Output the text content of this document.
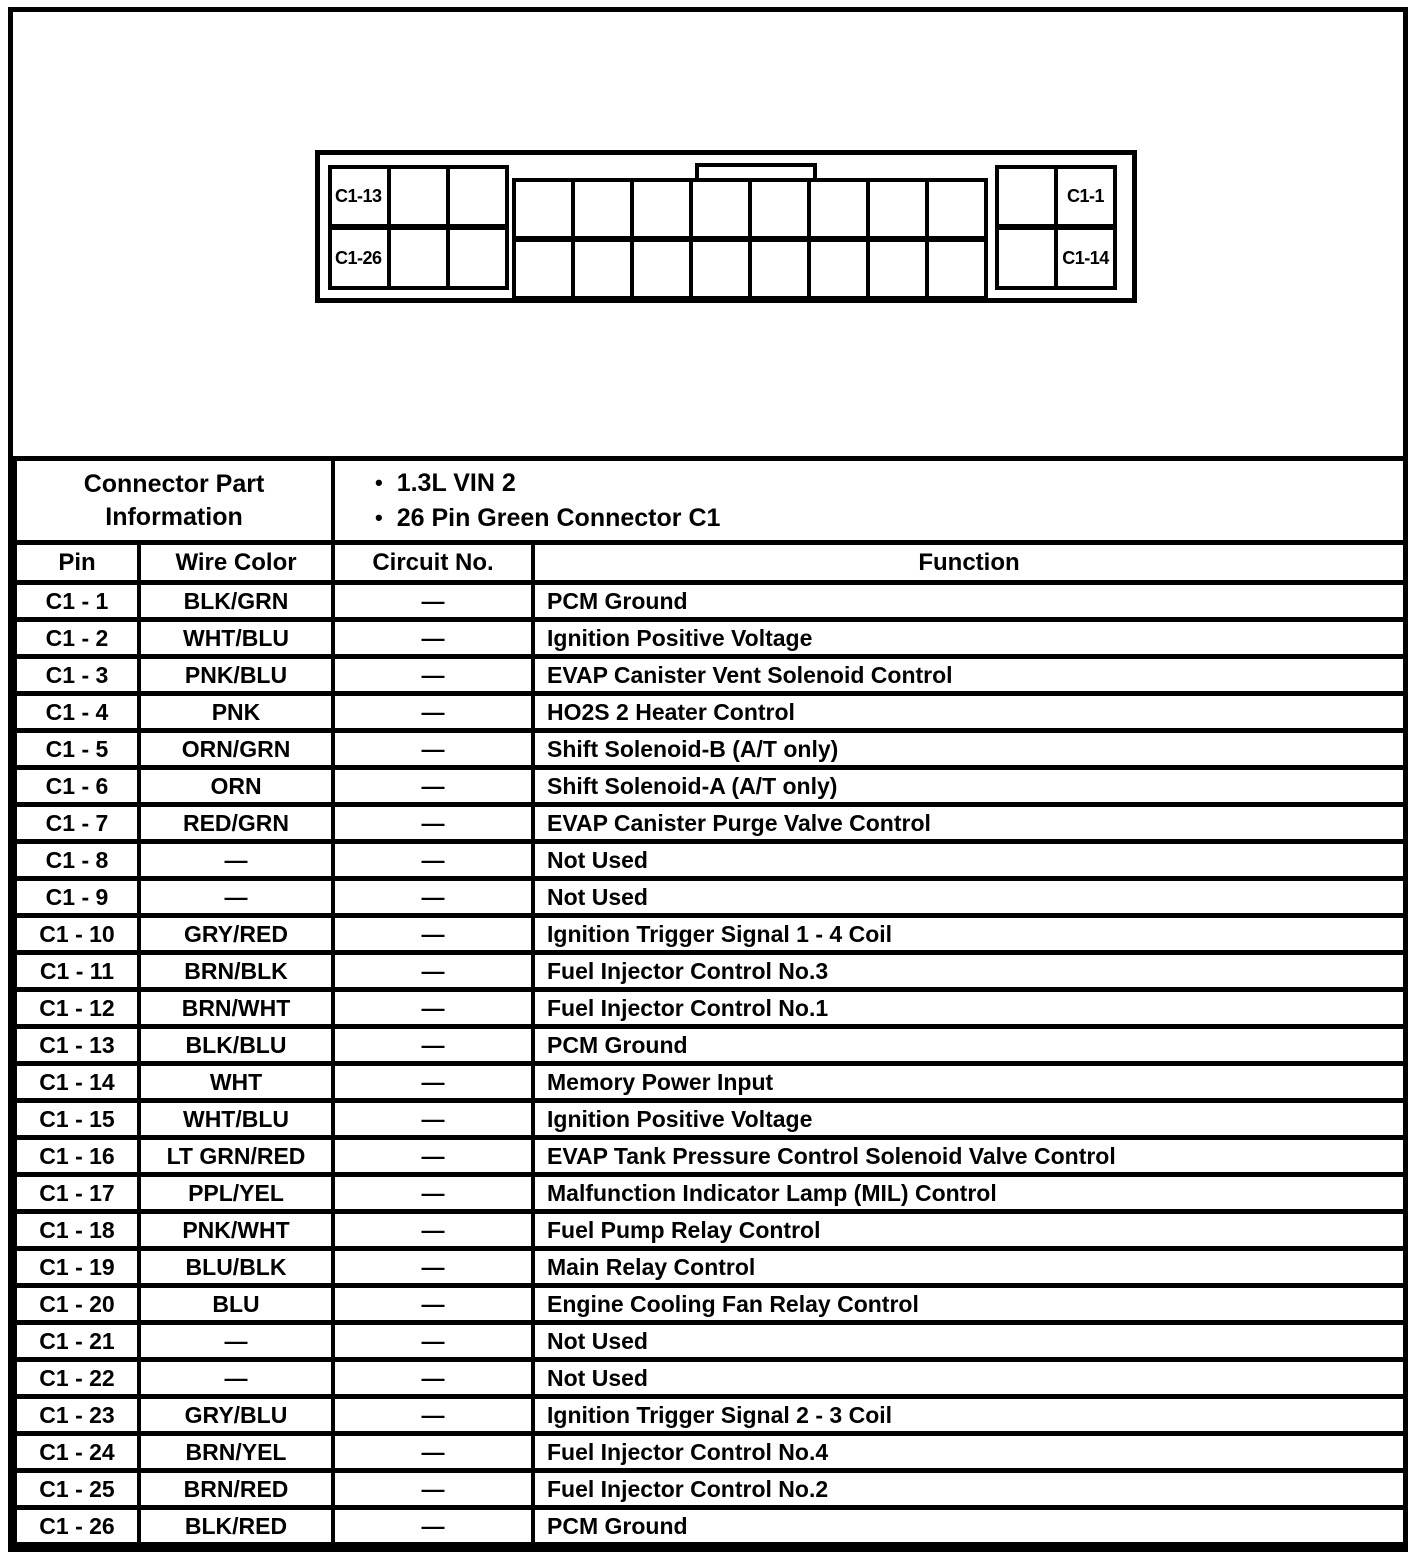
C1-13	C1-1
C1-26	C1-14
Connector Part
Information

• 1.3L VIN 2
• 26 Pin Green Connector C1

Pin	Wire Color	Circuit No.	Function
C1 - 1	BLK/GRN	—	PCM Ground
C1 - 2	WHT/BLU	—	Ignition Positive Voltage
C1 - 3	PNK/BLU	—	EVAP Canister Vent Solenoid Control
C1 - 4	PNK	—	HO2S 2 Heater Control
C1 - 5	ORN/GRN	—	Shift Solenoid-B (A/T only)
C1 - 6	ORN	—	Shift Solenoid-A (A/T only)
C1 - 7	RED/GRN	—	EVAP Canister Purge Valve Control
C1 - 8	—	—	Not Used
C1 - 9	—	—	Not Used
C1 - 10	GRY/RED	—	Ignition Trigger Signal 1 - 4 Coil
C1 - 11	BRN/BLK	—	Fuel Injector Control No.3
C1 - 12	BRN/WHT	—	Fuel Injector Control No.1
C1 - 13	BLK/BLU	—	PCM Ground
C1 - 14	WHT	—	Memory Power Input
C1 - 15	WHT/BLU	—	Ignition Positive Voltage
C1 - 16	LT GRN/RED	—	EVAP Tank Pressure Control Solenoid Valve Control
C1 - 17	PPL/YEL	—	Malfunction Indicator Lamp (MIL) Control
C1 - 18	PNK/WHT	—	Fuel Pump Relay Control
C1 - 19	BLU/BLK	—	Main Relay Control
C1 - 20	BLU	—	Engine Cooling Fan Relay Control
C1 - 21	—	—	Not Used
C1 - 22	—	—	Not Used
C1 - 23	GRY/BLU	—	Ignition Trigger Signal 2 - 3 Coil
C1 - 24	BRN/YEL	—	Fuel Injector Control No.4
C1 - 25	BRN/RED	—	Fuel Injector Control No.2
C1 - 26	BLK/RED	—	PCM Ground
